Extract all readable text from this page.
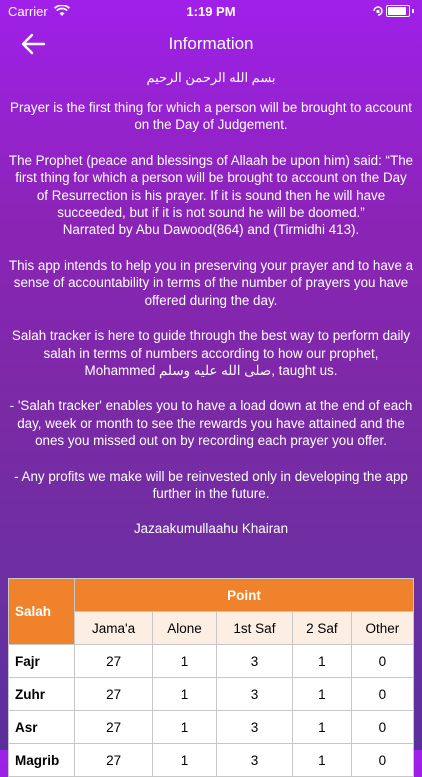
Carrier	1:19 PM
Information

بسم الله الرحمن الرحيم

Prayer is the first thing for which a person will be brought to account on the Day of Judgement.

The Prophet (peace and blessings of Allaah be upon him) said: “The first thing for which a person will be brought to account on the Day of Resurrection is his prayer. If it is sound then he will have succeeded, but if it is not sound he will be doomed.”
Narrated by Abu Dawood(864) and (Tirmidhi 413).

This app intends to help you in preserving your prayer and to have a sense of accountability in terms of the number of prayers you have offered during the day.

Salah tracker is here to guide through the best way to perform daily salah in terms of numbers according to how our prophet, Mohammed صلى الله عليه وسلم, taught us.

- 'Salah tracker' enables you to have a load down at the end of each day, week or month to see the rewards you have attained and the ones you missed out on by recording each prayer you offer.

- Any profits we make will be reinvested only in developing the app further in the future.

Jazaakumullaahu Khairan

Salah	Point				
	Jama'a	Alone	1st Saf	2 Saf	Other
Fajr	27	1	3	1	0
Zuhr	27	1	3	1	0
Asr	27	1	3	1	0
Magrib	27	1	3	1	0
